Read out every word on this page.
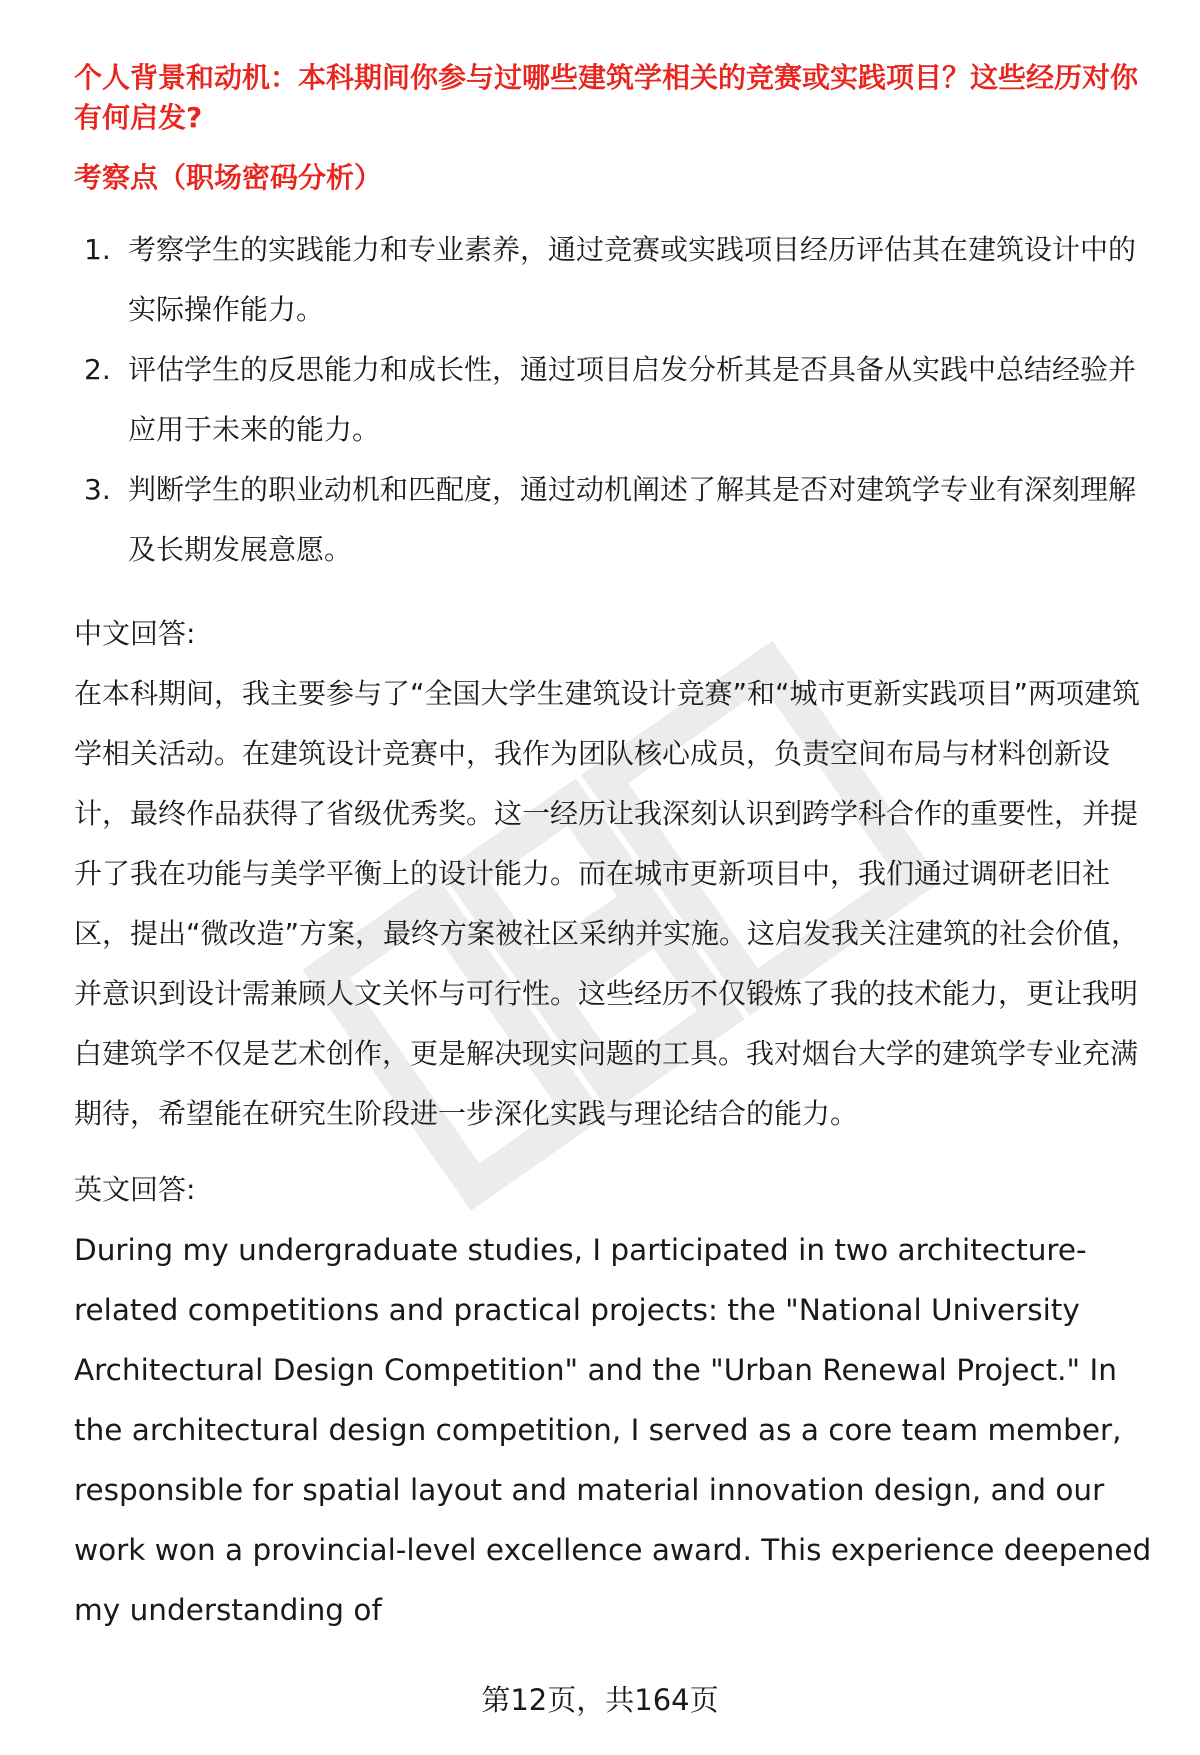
个人背景和动机：本科期间你参与过哪些建筑学相关的竞赛或实践项目？这些经历对你有何启发?

考察点（职场密码分析）

1. 考察学生的实践能力和专业素养，通过竞赛或实践项目经历评估其在建筑设计中的实际操作能力。
2. 评估学生的反思能力和成长性，通过项目启发分析其是否具备从实践中总结经验并应用于未来的能力。
3. 判断学生的职业动机和匹配度，通过动机阐述了解其是否对建筑学专业有深刻理解及长期发展意愿。

中文回答:

在本科期间，我主要参与了“全国大学生建筑设计竞赛”和“城市更新实践项目”两项建筑学相关活动。在建筑设计竞赛中，我作为团队核心成员，负责空间布局与材料创新设计，最终作品获得了省级优秀奖。这一经历让我深刻认识到跨学科合作的重要性，并提升了我在功能与美学平衡上的设计能力。而在城市更新项目中，我们通过调研老旧社区，提出“微改造”方案，最终方案被社区采纳并实施。这启发我关注建筑的社会价值，并意识到设计需兼顾人文关怀与可行性。这些经历不仅锻炼了我的技术能力，更让我明白建筑学不仅是艺术创作，更是解决现实问题的工具。我对烟台大学的建筑学专业充满期待，希望能在研究生阶段进一步深化实践与理论结合的能力。

英文回答:

During my undergraduate studies, I participated in two architecture-related competitions and practical projects: the "National University Architectural Design Competition" and the "Urban Renewal Project." In the architectural design competition, I served as a core team member, responsible for spatial layout and material innovation design, and our work won a provincial-level excellence award. This experience deepened my understanding of

第12页，共164页
